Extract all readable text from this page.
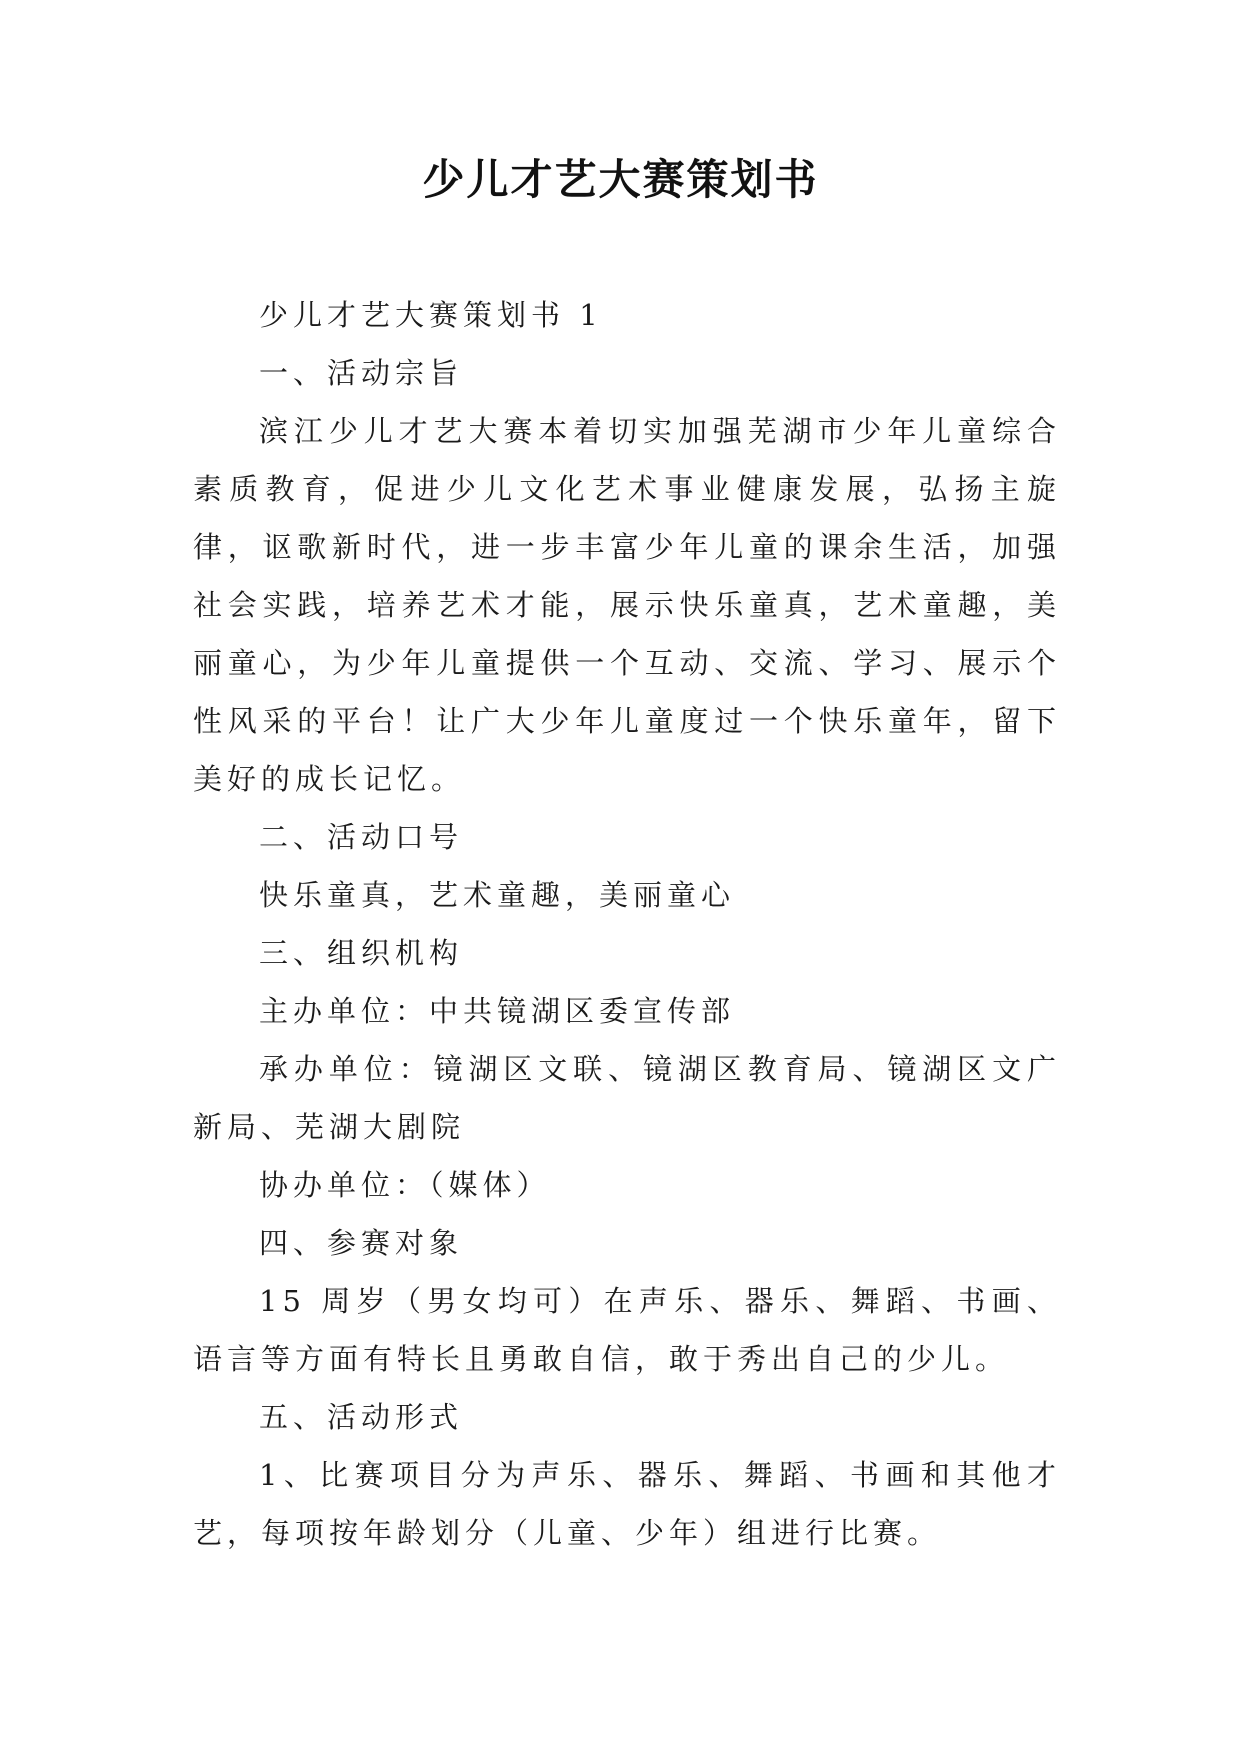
少儿才艺大赛策划书

少儿才艺大赛策划书 1

一、活动宗旨

滨江少儿才艺大赛本着切实加强芜湖市少年儿童综合素质教育，促进少儿文化艺术事业健康发展，弘扬主旋律，讴歌新时代，进一步丰富少年儿童的课余生活，加强社会实践，培养艺术才能，展示快乐童真，艺术童趣，美丽童心，为少年儿童提供一个互动、交流、学习、展示个性风采的平台！让广大少年儿童度过一个快乐童年，留下美好的成长记忆。

二、活动口号

快乐童真，艺术童趣，美丽童心

三、组织机构

主办单位：中共镜湖区委宣传部

承办单位：镜湖区文联、镜湖区教育局、镜湖区文广新局、芜湖大剧院

协办单位：（媒体）

四、参赛对象

15 周岁（男女均可）在声乐、器乐、舞蹈、书画、语言等方面有特长且勇敢自信，敢于秀出自己的少儿。

五、活动形式

1、比赛项目分为声乐、器乐、舞蹈、书画和其他才艺，每项按年龄划分（儿童、少年）组进行比赛。
